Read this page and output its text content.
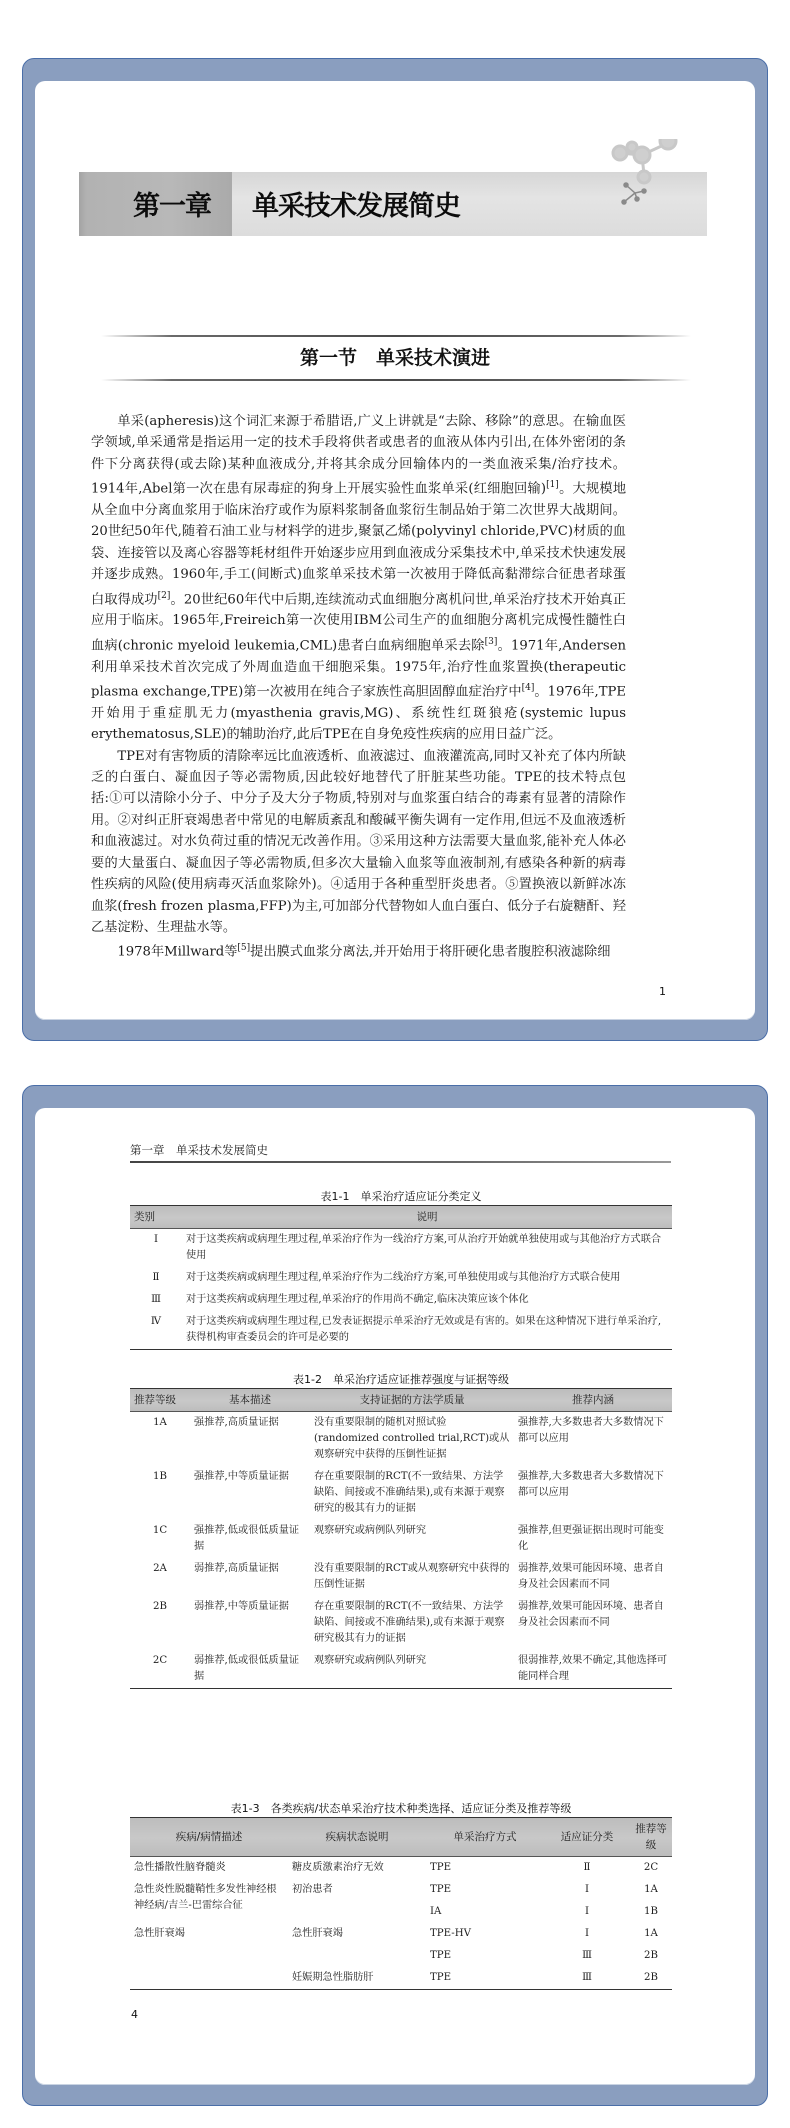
第一章 单采技术发展简史
第一节　单采技术演进

单采(apheresis)这个词汇来源于希腊语,广义上讲就是“去除、移除”的意思。在输血医学领域,单采通常是指运用一定的技术手段将供者或患者的血液从体内引出,在体外密闭的条件下分离获得(或去除)某种血液成分,并将其余成分回输体内的一类血液采集/治疗技术。1914年,Abel第一次在患有尿毒症的狗身上开展实验性血浆单采(红细胞回输)[1]。大规模地从全血中分离血浆用于临床治疗或作为原料浆制备血浆衍生制品始于第二次世界大战期间。20世纪50年代,随着石油工业与材料学的进步,聚氯乙烯(polyvinyl chloride,PVC)材质的血袋、连接管以及离心容器等耗材组件开始逐步应用到血液成分采集技术中,单采技术快速发展并逐步成熟。1960年,手工(间断式)血浆单采技术第一次被用于降低高黏滞综合征患者球蛋白取得成功[2]。20世纪60年代中后期,连续流动式血细胞分离机问世,单采治疗技术开始真正应用于临床。1965年,Freireich第一次使用IBM公司生产的血细胞分离机完成慢性髓性白血病(chronic myeloid leukemia,CML)患者白血病细胞单采去除[3]。1971年,Andersen利用单采技术首次完成了外周血造血干细胞采集。1975年,治疗性血浆置换(therapeutic plasma exchange,TPE)第一次被用在纯合子家族性高胆固醇血症治疗中[4]。1976年,TPE开始用于重症肌无力(myasthenia gravis,MG)、系统性红斑狼疮(systemic lupus erythematosus,SLE)的辅助治疗,此后TPE在自身免疫性疾病的应用日益广泛。

TPE对有害物质的清除率远比血液透析、血液滤过、血液灌流高,同时又补充了体内所缺乏的白蛋白、凝血因子等必需物质,因此较好地替代了肝脏某些功能。TPE的技术特点包括:①可以清除小分子、中分子及大分子物质,特别对与血浆蛋白结合的毒素有显著的清除作用。②对纠正肝衰竭患者中常见的电解质紊乱和酸碱平衡失调有一定作用,但远不及血液透析和血液滤过。对水负荷过重的情况无改善作用。③采用这种方法需要大量血浆,能补充人体必要的大量蛋白、凝血因子等必需物质,但多次大量输入血浆等血液制剂,有感染各种新的病毒性疾病的风险(使用病毒灭活血浆除外)。④适用于各种重型肝炎患者。⑤置换液以新鲜冰冻血浆(fresh frozen plasma,FFP)为主,可加部分代替物如人血白蛋白、低分子右旋糖酐、羟乙基淀粉、生理盐水等。

1978年Millward等[5]提出膜式血浆分离法,并开始用于将肝硬化患者腹腔积液滤除细

1
第一章　单采技术发展简史
表1-1　单采治疗适应证分类定义
类别	说明
Ⅰ	对于这类疾病或病理生理过程,单采治疗作为一线治疗方案,可从治疗开始就单独使用或与其他治疗方式联合使用
Ⅱ	对于这类疾病或病理生理过程,单采治疗作为二线治疗方案,可单独使用或与其他治疗方式联合使用
Ⅲ	对于这类疾病或病理生理过程,单采治疗的作用尚不确定,临床决策应该个体化
Ⅳ	对于这类疾病或病理生理过程,已发表证据提示单采治疗无效或是有害的。如果在这种情况下进行单采治疗,获得机构审查委员会的许可是必要的
表1-2　单采治疗适应证推荐强度与证据等级
推荐等级	基本描述	支持证据的方法学质量	推荐内涵
1A	强推荐,高质量证据	没有重要限制的随机对照试验(randomized controlled trial,RCT)或从观察研究中获得的压倒性证据	强推荐,大多数患者大多数情况下都可以应用
1B	强推荐,中等质量证据	存在重要限制的RCT(不一致结果、方法学缺陷、间接或不准确结果),或有来源于观察研究的极其有力的证据	强推荐,大多数患者大多数情况下都可以应用
1C	强推荐,低或很低质量证据	观察研究或病例队列研究	强推荐,但更强证据出现时可能变化
2A	弱推荐,高质量证据	没有重要限制的RCT或从观察研究中获得的压倒性证据	弱推荐,效果可能因环境、患者自身及社会因素而不同
2B	弱推荐,中等质量证据	存在重要限制的RCT(不一致结果、方法学缺陷、间接或不准确结果),或有来源于观察研究极其有力的证据	弱推荐,效果可能因环境、患者自身及社会因素而不同
2C	弱推荐,低或很低质量证据	观察研究或病例队列研究	很弱推荐,效果不确定,其他选择可能同样合理
表1-3　各类疾病/状态单采治疗技术种类选择、适应证分类及推荐等级
疾病/病情描述	疾病状态说明	单采治疗方式	适应证分类	推荐等级
急性播散性脑脊髓炎	糖皮质激素治疗无效	TPE	Ⅱ	2C
急性炎性脱髓鞘性多发性神经根神经病/吉兰-巴雷综合征	初治患者	TPE	Ⅰ	1A
		IA	Ⅰ	1B
急性肝衰竭	急性肝衰竭	TPE-HV	Ⅰ	1A
		TPE	Ⅲ	2B
	妊娠期急性脂肪肝	TPE	Ⅲ	2B
4
